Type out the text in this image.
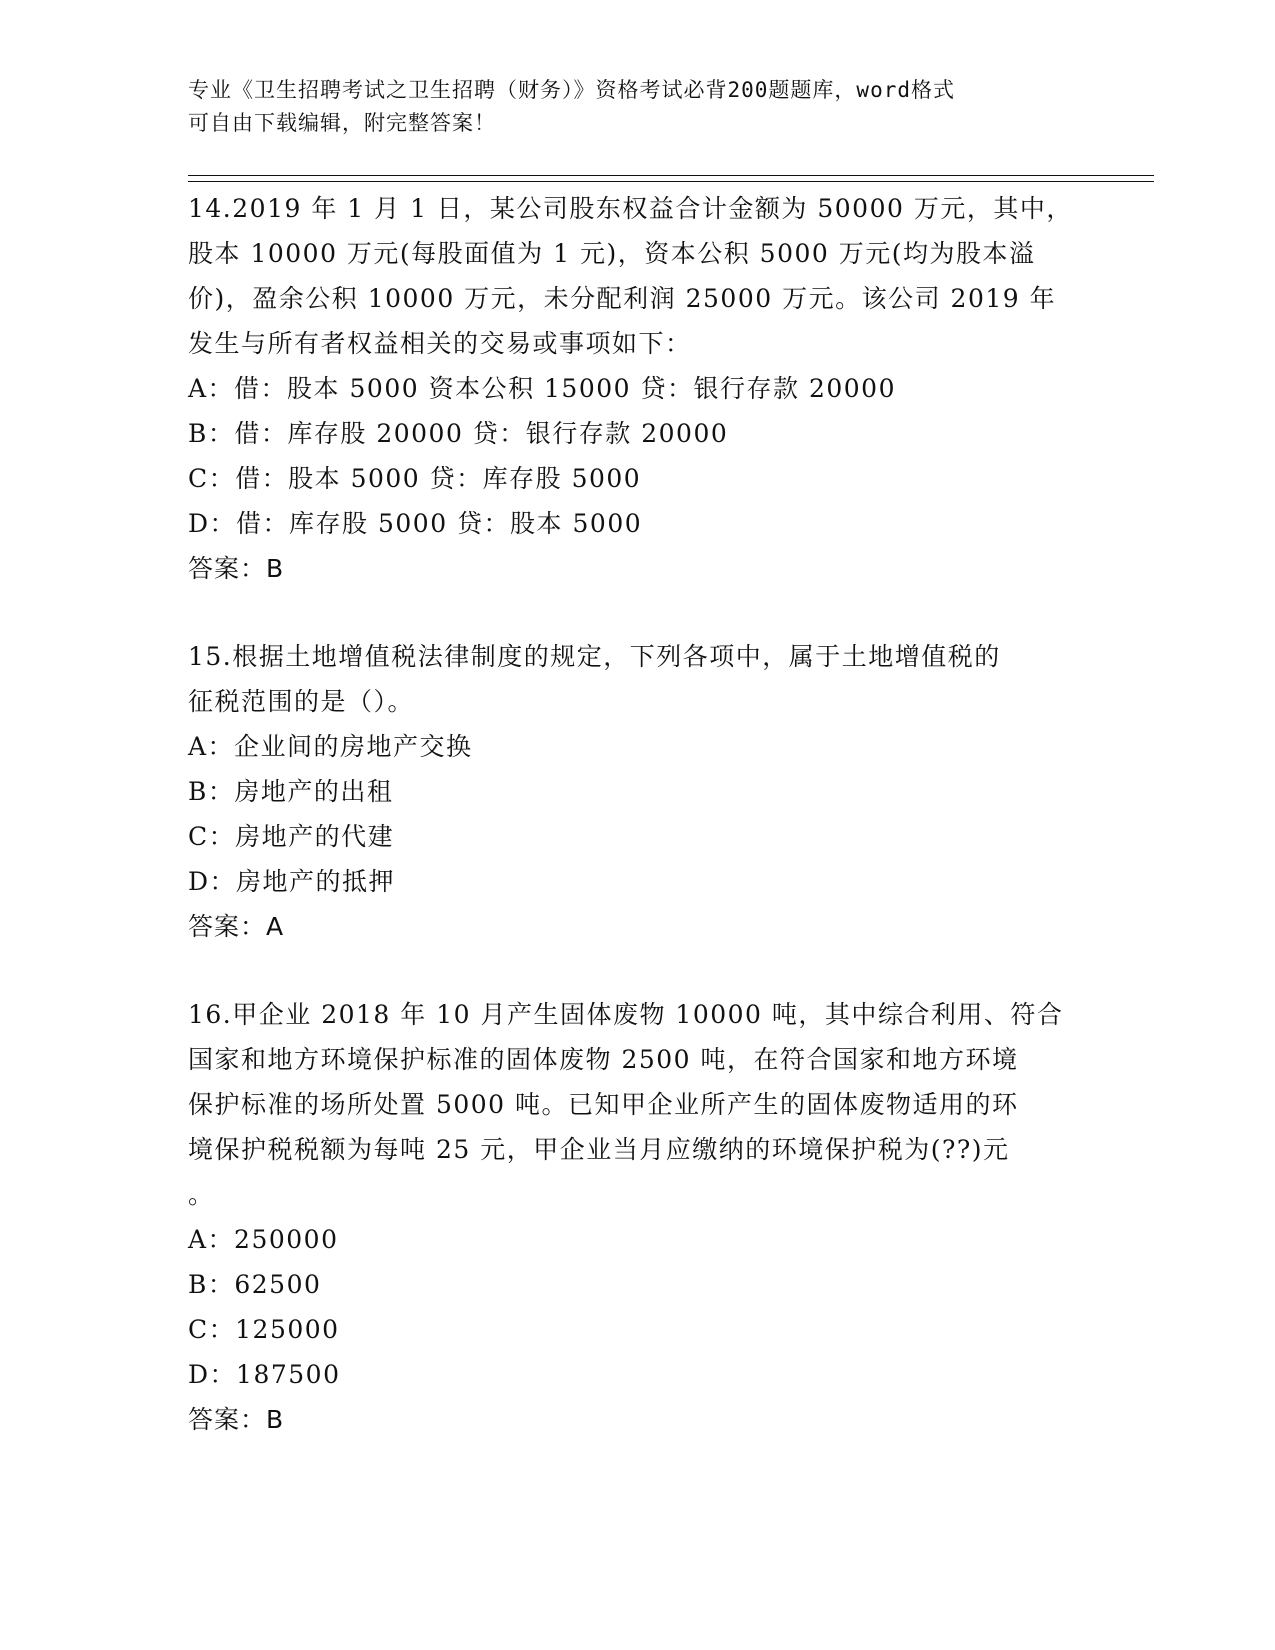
专业《卫生招聘考试之卫生招聘（财务）》资格考试必背200题题库，word格式
可自由下载编辑，附完整答案！
14.2019 年 1 月 1 日，某公司股东权益合计金额为 50000 万元，其中，
股本 10000 万元(每股面值为 1 元)，资本公积 5000 万元(均为股本溢
价)，盈余公积 10000 万元，未分配利润 25000 万元。该公司 2019 年
发生与所有者权益相关的交易或事项如下：
A：借：股本 5000 资本公积 15000 贷：银行存款 20000
B：借：库存股 20000 贷：银行存款 20000
C：借：股本 5000 贷：库存股 5000
D：借：库存股 5000 贷：股本 5000
答案：B
15.根据土地增值税法律制度的规定，下列各项中，属于土地增值税的
征税范围的是（）。
A：企业间的房地产交换
B：房地产的出租
C：房地产的代建
D：房地产的抵押
答案：A
16.甲企业 2018 年 10 月产生固体废物 10000 吨，其中综合利用、符合
国家和地方环境保护标准的固体废物 2500 吨，在符合国家和地方环境
保护标准的场所处置 5000 吨。已知甲企业所产生的固体废物适用的环
境保护税税额为每吨 25 元，甲企业当月应缴纳的环境保护税为(??)元
。
A：250000
B：62500
C：125000
D：187500
答案：B
